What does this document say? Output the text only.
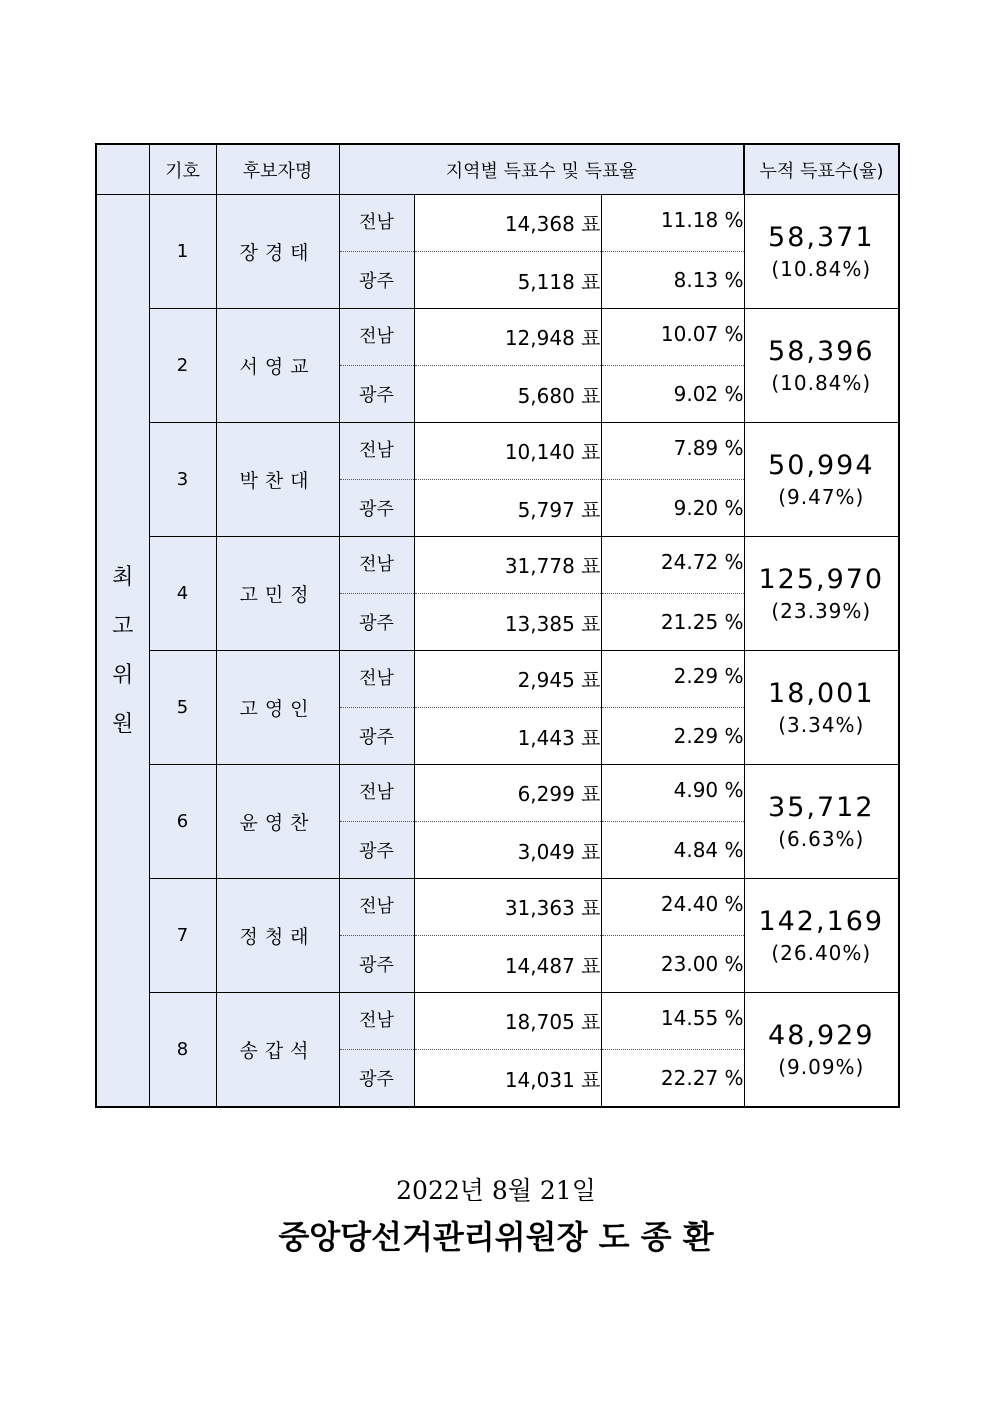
	기호	후보자명	지역별 득표수 및 득표율			누적 득표수(율)

최
고
위
원	1	장경태	전남	14,368 표	11.18 %	58,371
(10.84%)

			광주	5,118 표	8.13 %	
	2	서영교	전남	12,948 표	10.07 %	58,396
(10.84%)

			광주	5,680 표	9.02 %	
	3	박찬대	전남	10,140 표	7.89 %	50,994
(9.47%)

			광주	5,797 표	9.20 %	
	4	고민정	전남	31,778 표	24.72 %	125,970
(23.39%)

			광주	13,385 표	21.25 %	
	5	고영인	전남	2,945 표	2.29 %	18,001
(3.34%)

			광주	1,443 표	2.29 %	
	6	윤영찬	전남	6,299 표	4.90 %	35,712
(6.63%)

			광주	3,049 표	4.84 %	
	7	정청래	전남	31,363 표	24.40 %	142,169
(26.40%)

			광주	14,487 표	23.00 %	
	8	송갑석	전남	18,705 표	14.55 %	48,929
(9.09%)

			광주	14,031 표	22.27 %	
2022년 8월 21일
중앙당선거관리위원장 도 종 환
